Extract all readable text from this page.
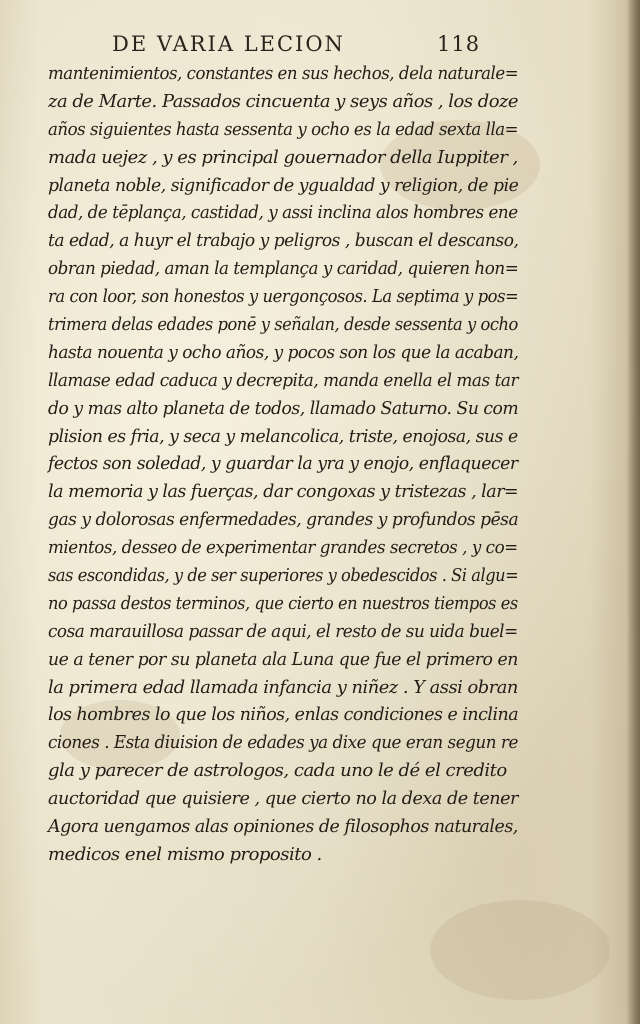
DE VARIA LECION	118
mantenimientos, constantes en sus hechos, dela naturale=
za de Marte. Passados cincuenta y seys años , los doze
años siguientes hasta sessenta y ocho es la edad sexta lla=
mada uejez , y es principal gouernador della Iuppiter ,
planeta noble, significador de ygualdad y religion, de pie
dad, de tēplança, castidad, y assi inclina alos hombres ene
ta edad, a huyr el trabajo y peligros , buscan el descanso,
obran piedad, aman la templança y caridad, quieren hon=
ra con loor, son honestos y uergonçosos. La septima y pos=
trimera delas edades ponē y señalan, desde sessenta y ocho
hasta nouenta y ocho años, y pocos son los que la acaban,
llamase edad caduca y decrepita, manda enella el mas tar
do y mas alto planeta de todos, llamado Saturno. Su com
plision es fria, y seca y melancolica, triste, enojosa, sus e
fectos son soledad, y guardar la yra y enojo, enflaquecer
la memoria y las fuerças, dar congoxas y tristezas , lar=
gas y dolorosas enfermedades, grandes y profundos pēsa
mientos, desseo de experimentar grandes secretos , y co=
sas escondidas, y de ser superiores y obedescidos . Si algu=
no passa destos terminos, que cierto en nuestros tiempos es
cosa marauillosa passar de aqui, el resto de su uida buel=
ue a tener por su planeta ala Luna que fue el primero en
la primera edad llamada infancia y niñez . Y assi obran
los hombres lo que los niños, enlas condiciones e inclina
ciones . Esta diuision de edades ya dixe que eran segun re
gla y parecer de astrologos, cada uno le dé el credito
auctoridad que quisiere , que cierto no la dexa de tener
Agora uengamos alas opiniones de filosophos naturales,
medicos enel mismo proposito .
